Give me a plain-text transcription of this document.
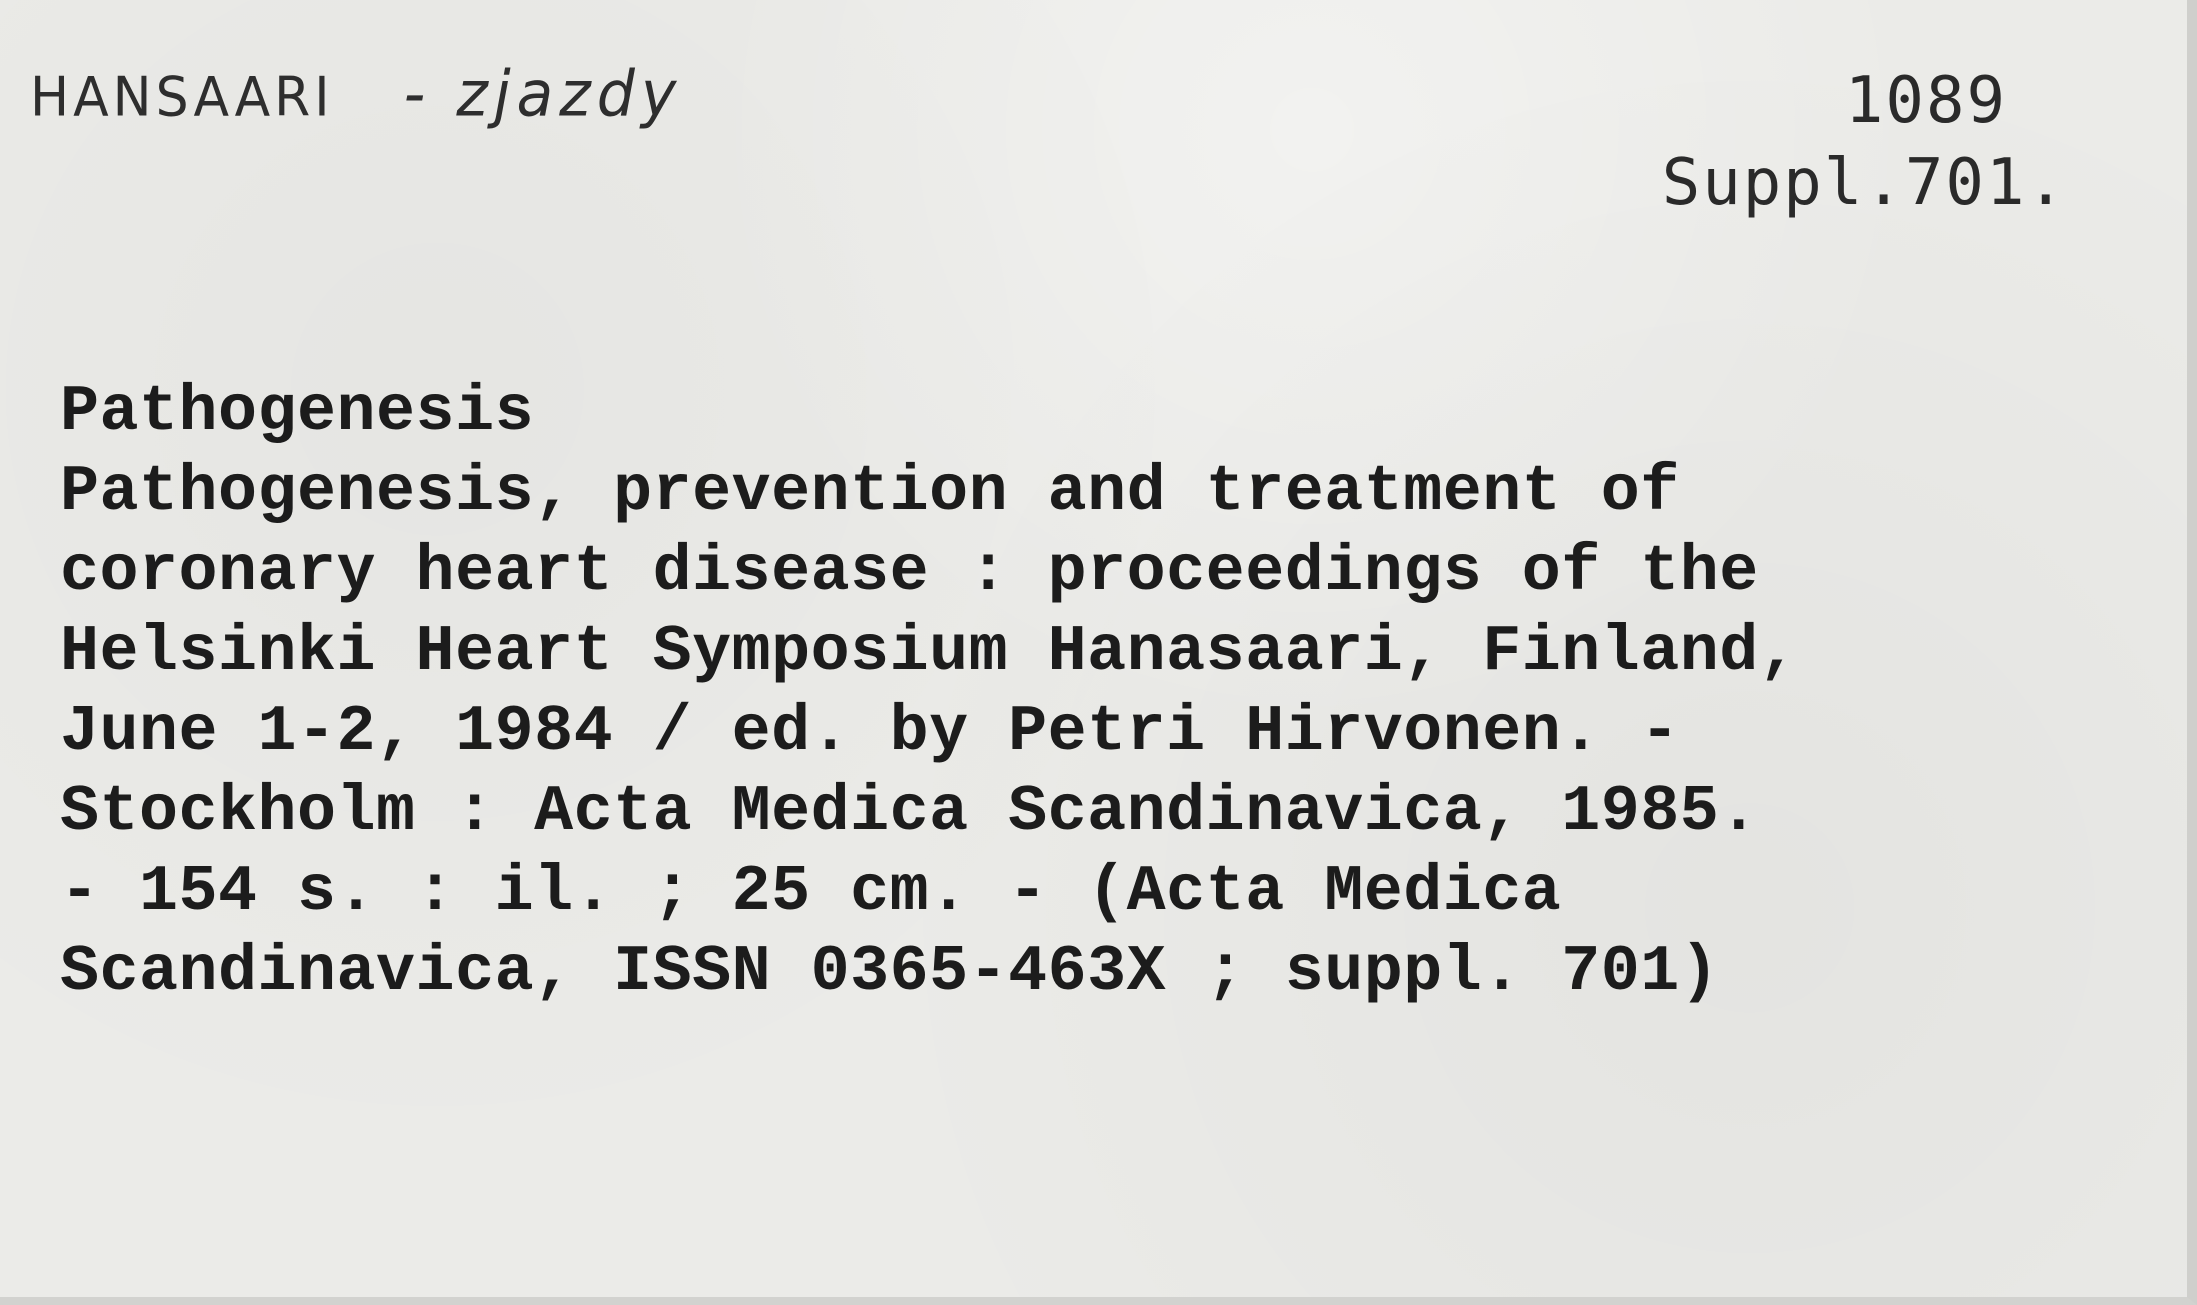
HANSAARI - zjazdy	1089
Suppl.701.
Pathogenesis
Pathogenesis, prevention and treatment of
coronary heart disease : proceedings of the
Helsinki Heart Symposium Hanasaari, Finland,
June 1-2, 1984 / ed. by Petri Hirvonen. -
Stockholm : Acta Medica Scandinavica, 1985.
- 154 s. : il. ; 25 cm. - (Acta Medica
Scandinavica, ISSN 0365-463X ; suppl. 701)
